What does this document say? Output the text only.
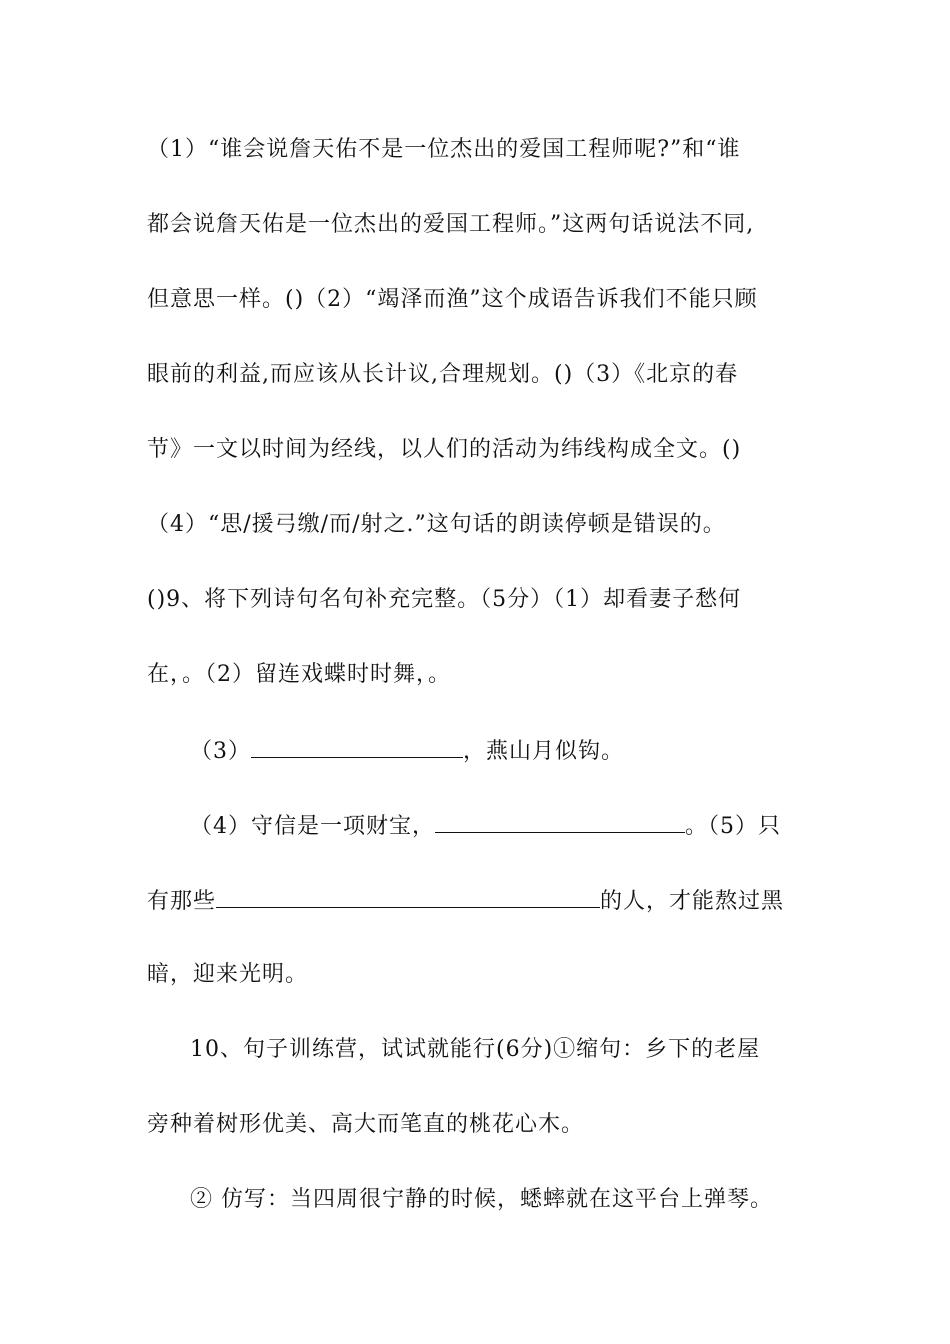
（1）“谁会说詹天佑不是一位杰出的爱国工程师呢?”和“谁
都会说詹天佑是一位杰出的爱国工程师。”这两句话说法不同,
但意思一样。()（2）“竭泽而渔”这个成语告诉我们不能只顾
眼前的利益,而应该从长计议,合理规划。()（3）《北京的春
节》一文以时间为经线，以人们的活动为纬线构成全文。()
（4）“思/援弓缴/而/射之.”这句话的朗读停顿是错误的。
()9、将下列诗句名句补充完整。（5分）（1）却看妻子愁何
在，。（2）留连戏蝶时时舞，。
（3）	，燕山月似钩。
（4）守信是一项财宝，	。（5）只
有那些	的人，才能熬过黑
暗，迎来光明。
10、句子训练营，试试就能行(6分)①缩句：乡下的老屋
旁种着树形优美、高大而笔直的桃花心木。
② 仿写：当四周很宁静的时候，蟋蟀就在这平台上弹琴。
